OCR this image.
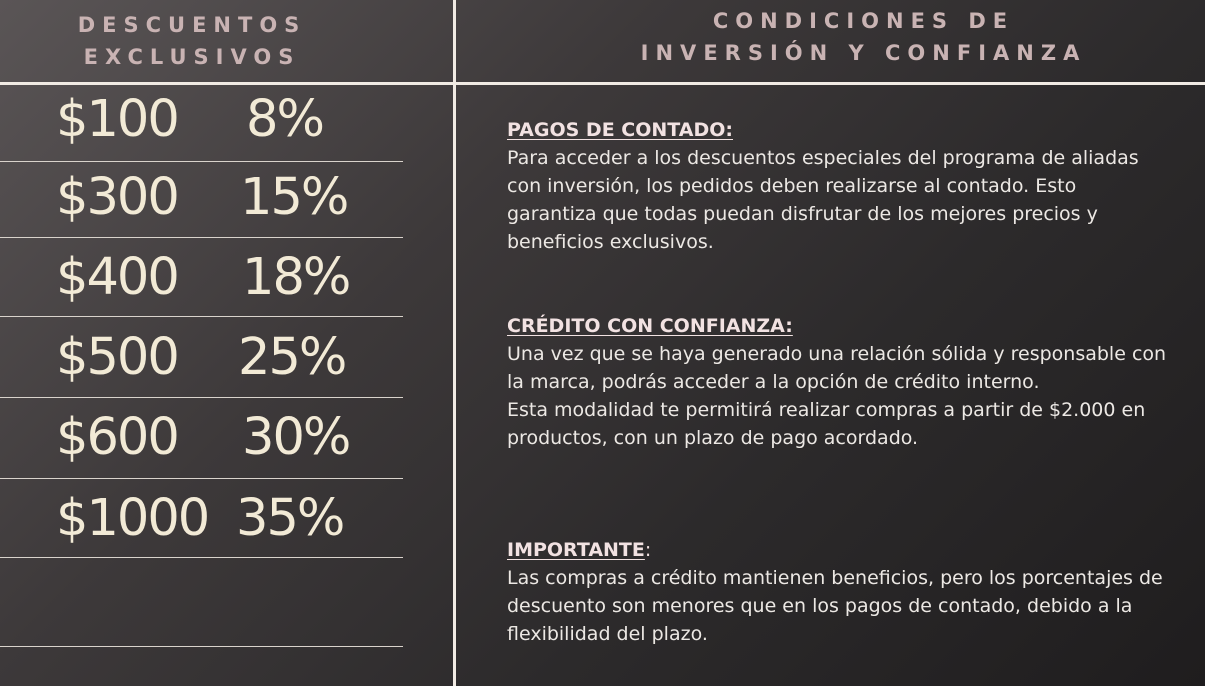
DESCUENTOS
EXCLUSIVOS
CONDICIONES DE
INVERSIÓN Y CONFIANZA
$100 8%
$300 15%
$400 18%
$500 25%
$600 30%
$1000 35%
PAGOS DE CONTADO:

Para acceder a los descuentos especiales del programa de aliadas con inversión, los pedidos deben realizarse al contado. Esto garantiza que todas puedan disfrutar de los mejores precios y beneficios exclusivos.

CRÉDITO CON CONFIANZA:

Una vez que se haya generado una relación sólida y responsable con la marca, podrás acceder a la opción de crédito interno.

Esta modalidad te permitirá realizar compras a partir de $2.000 en productos, con un plazo de pago acordado.

IMPORTANTE:

Las compras a crédito mantienen beneficios, pero los porcentajes de descuento son menores que en los pagos de contado, debido a la flexibilidad del plazo.
